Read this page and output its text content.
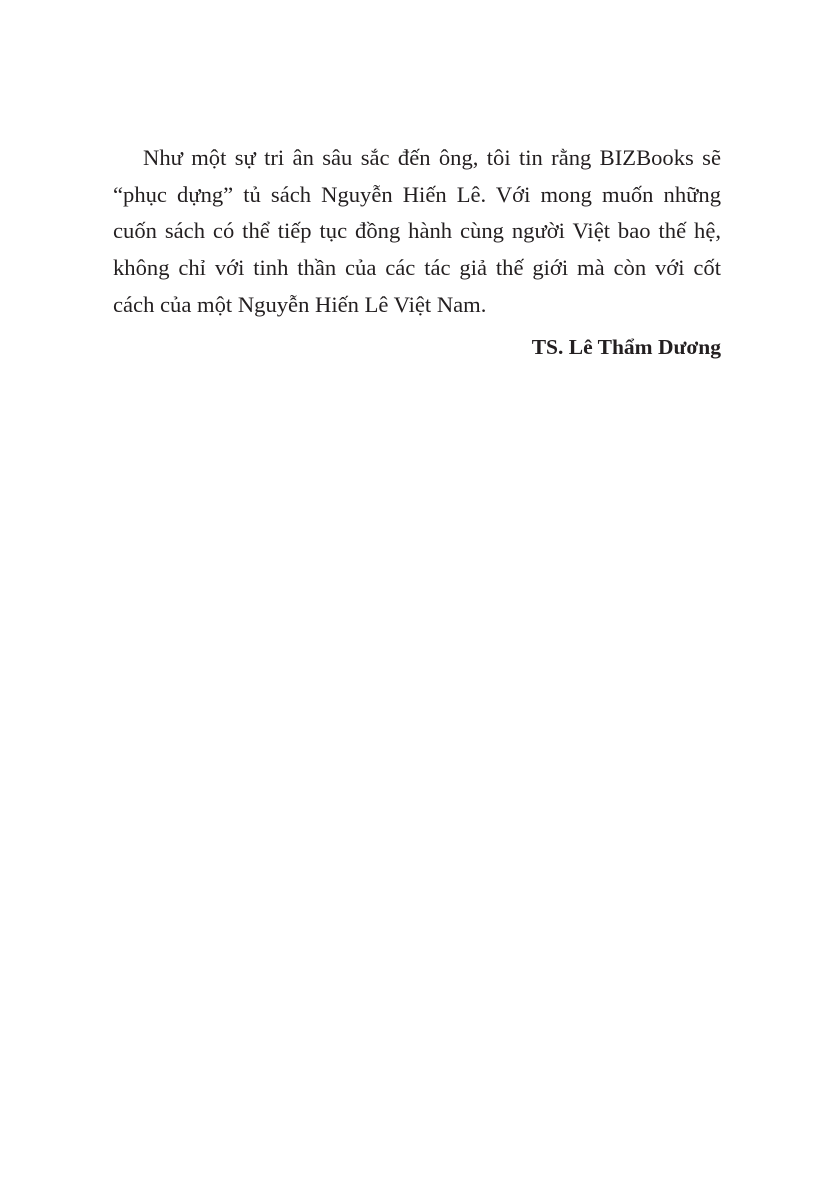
Như một sự tri ân sâu sắc đến ông, tôi tin rằng BIZBooks sẽ
“phục dựng” tủ sách Nguyễn Hiến Lê. Với mong muốn những
cuốn sách có thể tiếp tục đồng hành cùng người Việt bao thế hệ,
không chỉ với tinh thần của các tác giả thế giới mà còn với cốt
cách của một Nguyễn Hiến Lê Việt Nam.

TS. Lê Thẩm Dương
